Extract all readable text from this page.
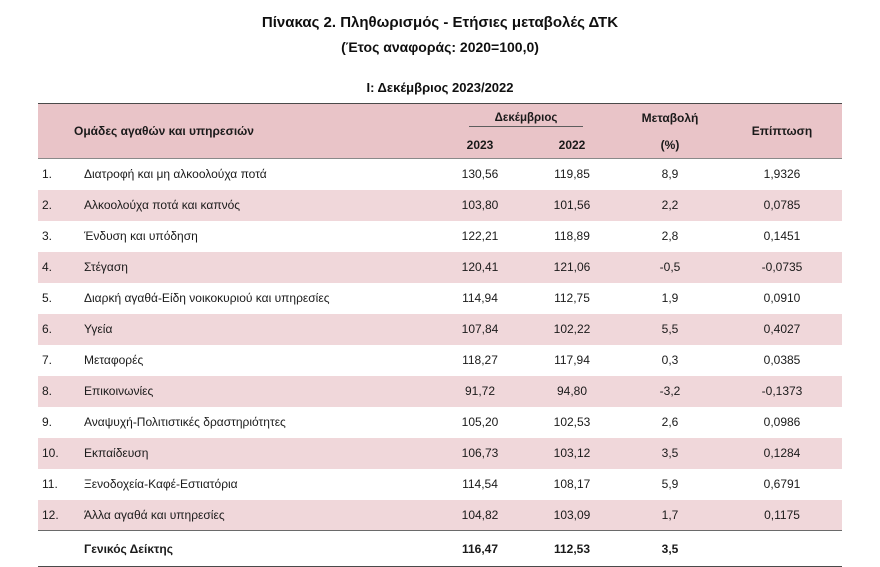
Πίνακας 2. Πληθωρισμός - Ετήσιες μεταβολές ΔΤΚ
(Έτος αναφοράς: 2020=100,0)
Ι: Δεκέμβριος 2023/2022
	Ομάδες αγαθών και υπηρεσιών	Δεκέμβριος		Μεταβολή	Επίπτωση
		2023	2022	(%)	
1.	Διατροφή και μη αλκοολούχα ποτά	130,56	119,85	8,9	1,9326
2.	Αλκοολούχα ποτά και καπνός	103,80	101,56	2,2	0,0785
3.	Ένδυση και υπόδηση	122,21	118,89	2,8	0,1451
4.	Στέγαση	120,41	121,06	-0,5	-0,0735
5.	Διαρκή αγαθά-Είδη νοικοκυριού και υπηρεσίες	114,94	112,75	1,9	0,0910
6.	Υγεία	107,84	102,22	5,5	0,4027
7.	Μεταφορές	118,27	117,94	0,3	0,0385
8.	Επικοινωνίες	91,72	94,80	-3,2	-0,1373
9.	Αναψυχή-Πολιτιστικές δραστηριότητες	105,20	102,53	2,6	0,0986
10.	Εκπαίδευση	106,73	103,12	3,5	0,1284
11.	Ξενοδοχεία-Καφέ-Εστιατόρια	114,54	108,17	5,9	0,6791
12.	Άλλα αγαθά και υπηρεσίες	104,82	103,09	1,7	0,1175
	Γενικός Δείκτης	116,47	112,53	3,5	
